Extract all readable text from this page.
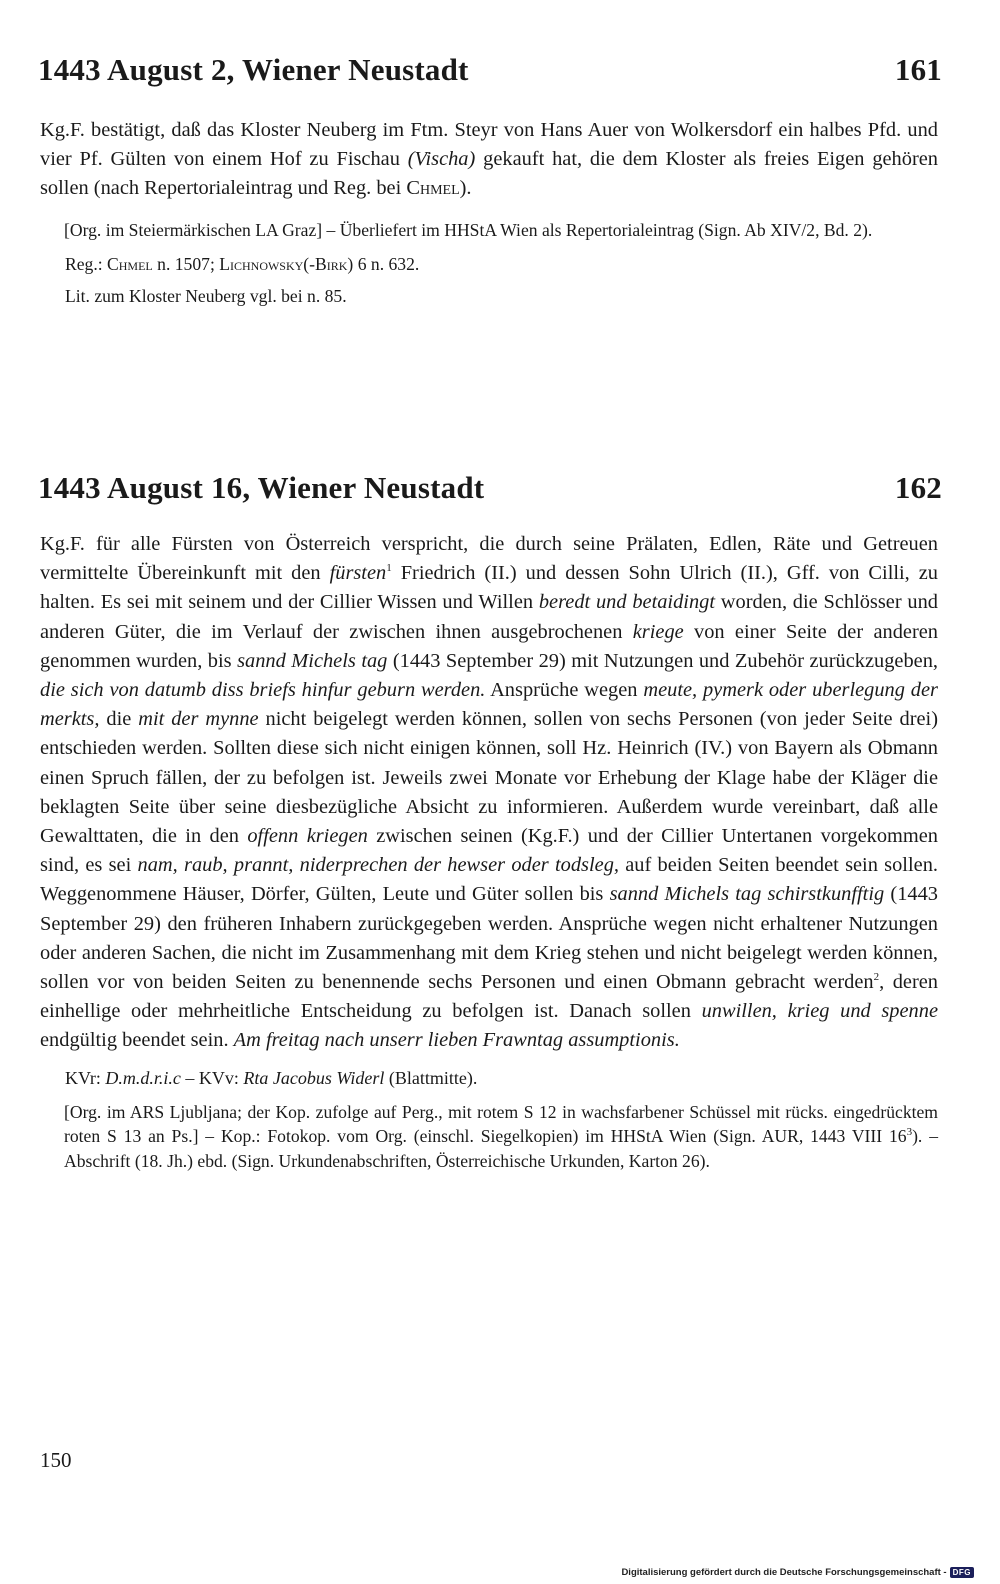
1443 August 2, Wiener Neustadt	161

Kg.F. bestätigt, daß das Kloster Neuberg im Ftm. Steyr von Hans Auer von Wolkersdorf ein halbes Pfd. und vier Pf. Gülten von einem Hof zu Fischau (Vischa) gekauft hat, die dem Kloster als freies Eigen gehören sollen (nach Repertorialeintrag und Reg. bei Chmel).

[Org. im Steiermärkischen LA Graz] – Überliefert im HHStA Wien als Repertorialeintrag (Sign. Ab XIV/2, Bd. 2).

Reg.: Chmel n. 1507; Lichnowsky(-Birk) 6 n. 632.

Lit. zum Kloster Neuberg vgl. bei n. 85.

1443 August 16, Wiener Neustadt	162

Kg.F. für alle Fürsten von Österreich verspricht, die durch seine Prälaten, Edlen, Räte und Getreuen vermittelte Übereinkunft mit den fürsten$^1$ Friedrich (II.) und dessen Sohn Ulrich (II.), Gff. von Cilli, zu halten. Es sei mit seinem und der Cillier Wissen und Willen beredt und betaidingt worden, die Schlösser und anderen Güter, die im Verlauf der zwischen ihnen ausgebrochenen kriege von einer Seite der anderen genommen wurden, bis sannd Michels tag (1443 September 29) mit Nutzungen und Zubehör zurückzugeben, die sich von datumb diss briefs hinfur geburn werden. Ansprüche wegen meute, pymerk oder uberlegung der merkts, die mit der mynne nicht beigelegt werden können, sollen von sechs Personen (von jeder Seite drei) entschieden werden. Sollten diese sich nicht einigen können, soll Hz. Heinrich (IV.) von Bayern als Obmann einen Spruch fällen, der zu befolgen ist. Jeweils zwei Monate vor Erhebung der Klage habe der Kläger die beklagten Seite über seine diesbezügliche Absicht zu informieren. Außerdem wurde vereinbart, daß alle Gewalttaten, die in den offenn kriegen zwischen seinen (Kg.F.) und der Cillier Untertanen vorgekommen sind, es sei nam, raub, prannt, niderprechen der hewser oder todsleg, auf beiden Seiten beendet sein sollen. Weggenommene Häuser, Dörfer, Gülten, Leute und Güter sollen bis sannd Michels tag schirstkunfftig (1443 September 29) den früheren Inhabern zurückgegeben werden. Ansprüche wegen nicht erhaltener Nutzungen oder anderen Sachen, die nicht im Zusammenhang mit dem Krieg stehen und nicht beigelegt werden können, sollen vor von beiden Seiten zu benennende sechs Personen und einen Obmann gebracht werden$^2$, deren einhellige oder mehrheitliche Entscheidung zu befolgen ist. Danach sollen unwillen, krieg und spenne endgültig beendet sein. Am freitag nach unserr lieben Frawntag assumptionis.

KVr: D.m.d.r.i.c – KVv: Rta Jacobus Widerl (Blattmitte).

[Org. im ARS Ljubljana; der Kop. zufolge auf Perg., mit rotem S 12 in wachsfarbener Schüssel mit rücks. eingedrücktem roten S 13 an Ps.] – Kop.: Fotokop. vom Org. (einschl. Siegelkopien) im HHStA Wien (Sign. AUR, 1443 VIII $16^3$). – Abschrift (18. Jh.) ebd. (Sign. Urkundenabschriften, Österreichische Urkunden, Karton 26).

150
Digitalisierung gefördert durch die Deutsche Forschungsgemeinschaft - DFG
